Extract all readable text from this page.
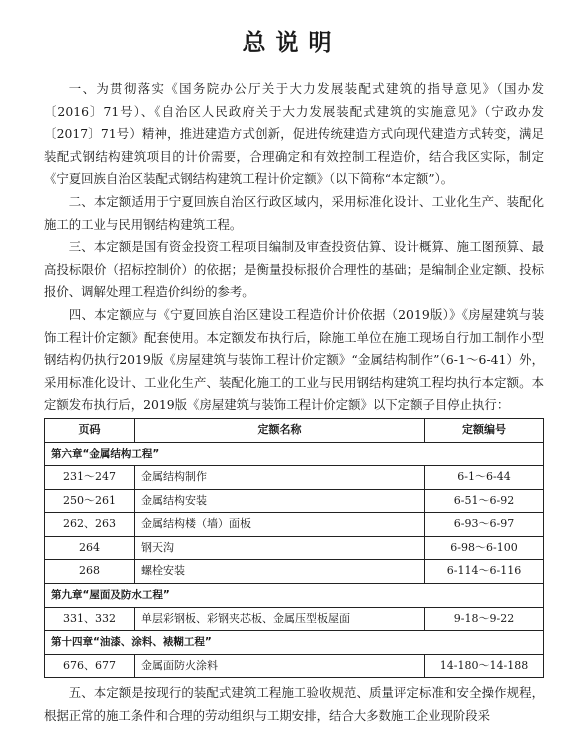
总说明

一、为贯彻落实《国务院办公厅关于大力发展装配式建筑的指导意见》（国办发〔2016〕71号）、《自治区人民政府关于大力发展装配式建筑的实施意见》（宁政办发〔2017〕71号）精神，推进建造方式创新，促进传统建造方式向现代建造方式转变，满足装配式钢结构建筑项目的计价需要，合理确定和有效控制工程造价，结合我区实际，制定《宁夏回族自治区装配式钢结构建筑工程计价定额》（以下简称“本定额”）。

二、本定额适用于宁夏回族自治区行政区域内，采用标准化设计、工业化生产、装配化施工的工业与民用钢结构建筑工程。

三、本定额是国有资金投资工程项目编制及审查投资估算、设计概算、施工图预算、最高投标限价（招标控制价）的依据；是衡量投标报价合理性的基础；是编制企业定额、投标报价、调解处理工程造价纠纷的参考。

四、本定额应与《宁夏回族自治区建设工程造价计价依据（2019版）》《房屋建筑与装饰工程计价定额》配套使用。本定额发布执行后，除施工单位在施工现场自行加工制作小型钢结构仍执行2019版《房屋建筑与装饰工程计价定额》“金属结构制作”（6-1～6-41）外，采用标准化设计、工业化生产、装配化施工的工业与民用钢结构建筑工程均执行本定额。本定额发布执行后，2019版《房屋建筑与装饰工程计价定额》以下定额子目停止执行：

页码	定额名称	定额编号
第六章“金属结构工程”		
231～247	金属结构制作	6-1～6-44
250～261	金属结构安装	6-51～6-92
262、263	金属结构楼（墙）面板	6-93～6-97
264	钢天沟	6-98～6-100
268	螺栓安装	6-114～6-116
第九章“屋面及防水工程”		
331、332	单层彩钢板、彩钢夹芯板、金属压型板屋面	9-18～9-22
第十四章“油漆、涂料、裱糊工程”		
676、677	金属面防火涂料	14-180～14-188

五、本定额是按现行的装配式建筑工程施工验收规范、质量评定标准和安全操作规程，根据正常的施工条件和合理的劳动组织与工期安排，结合大多数施工企业现阶段采
